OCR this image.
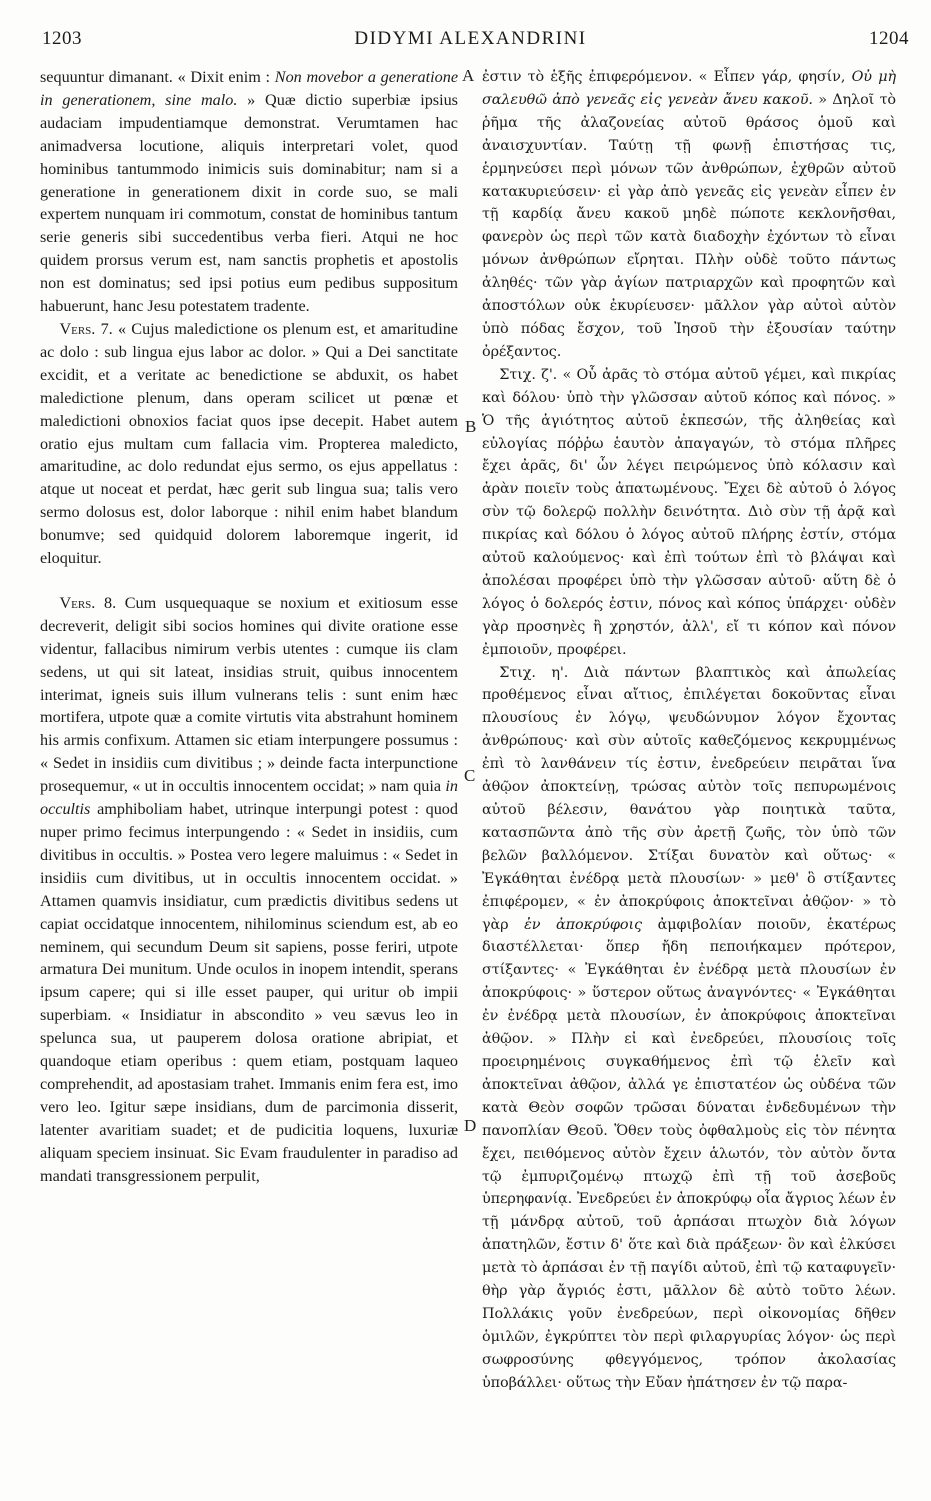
1203	DIDYMI ALEXANDRINI	1204
A
B
C
D

sequuntur dimanant. « Dixit enim : Non movebor a generatione in generationem, sine malo. » Quæ dictio superbiæ ipsius audaciam impudentiamque demonstrat. Verumtamen hac animadversa locutione, aliquis interpretari volet, quod hominibus tantummodo inimicis suis dominabitur; nam si a generatione in generationem dixit in corde suo, se mali expertem nunquam iri commotum, constat de hominibus tantum serie generis sibi succedentibus verba fieri. Atqui ne hoc quidem prorsus verum est, nam sanctis prophetis et apostolis non est dominatus; sed ipsi potius eum pedibus suppositum habuerunt, hanc Jesu potestatem tradente.

Vers. 7. « Cujus maledictione os plenum est, et amaritudine ac dolo : sub lingua ejus labor ac dolor. » Qui a Dei sanctitate excidit, et a veritate ac benedictione se abduxit, os habet maledictione plenum, dans operam scilicet ut pœnæ et maledictioni obnoxios faciat quos ipse decepit. Habet autem oratio ejus multam cum fallacia vim. Propterea maledicto, amaritudine, ac dolo redundat ejus sermo, os ejus appellatus : atque ut noceat et perdat, hæc gerit sub lingua sua; talis vero sermo dolosus est, dolor laborque : nihil enim habet blandum bonumve; sed quidquid dolorem laboremque ingerit, id eloquitur.

Vers. 8. Cum usquequaque se noxium et exitiosum esse decreverit, deligit sibi socios homines qui divite oratione esse videntur, fallacibus nimirum verbis utentes : cumque iis clam sedens, ut qui sit lateat, insidias struit, quibus innocentem interimat, igneis suis illum vulnerans telis : sunt enim hæc mortifera, utpote quæ a comite virtutis vita abstrahunt hominem his armis confixum. Attamen sic etiam interpungere possumus : « Sedet in insidiis cum divitibus ; » deinde facta interpunctione prosequemur, « ut in occultis innocentem occidat; » nam quia in occultis amphiboliam habet, utrinque interpungi potest : quod nuper primo fecimus interpungendo : « Sedet in insidiis, cum divitibus in occultis. » Postea vero legere maluimus : « Sedet in insidiis cum divitibus, ut in occultis innocentem occidat. » Attamen quamvis insidiatur, cum prædictis divitibus sedens ut capiat occidatque innocentem, nihilominus sciendum est, ab eo neminem, qui secundum Deum sit sapiens, posse feriri, utpote armatura Dei munitum. Unde oculos in inopem intendit, sperans ipsum capere; qui si ille esset pauper, qui uritur ob impii superbiam. « Insidiatur in abscondito » veu sævus leo in spelunca sua, ut pauperem dolosa oratione abripiat, et quandoque etiam operibus : quem etiam, postquam laqueo comprehendit, ad apostasiam trahet. Immanis enim fera est, imo vero leo. Igitur sæpe insidians, dum de parcimonia disserit, latenter avaritiam suadet; et de pudicitia loquens, luxuriæ aliquam speciem insinuat. Sic Evam fraudulenter in paradiso ad mandati transgressionem perpulit,

ἐστιν τὸ ἑξῆς ἐπιφερόμενον. « Εἶπεν γάρ, φησίν, Οὐ μὴ σαλευθῶ ἀπὸ γενεᾶς εἰς γενεὰν ἄνευ κακοῦ. » Δηλοῖ τὸ ῥῆμα τῆς ἀλαζονείας αὐτοῦ θράσος ὁμοῦ καὶ ἀναισχυντίαν. Ταύτῃ τῇ φωνῇ ἐπιστήσας τις, ἑρμηνεύσει περὶ μόνων τῶν ἀνθρώπων, ἐχθρῶν αὐτοῦ κατακυριεύσειν· εἰ γὰρ ἀπὸ γενεᾶς εἰς γενεὰν εἶπεν ἐν τῇ καρδίᾳ ἄνευ κακοῦ μηδὲ πώποτε κεκλονῆσθαι, φανερὸν ὡς περὶ τῶν κατὰ διαδοχὴν ἐχόντων τὸ εἶναι μόνων ἀνθρώπων εἴρηται. Πλὴν οὐδὲ τοῦτο πάντως ἀληθές· τῶν γὰρ ἁγίων πατριαρχῶν καὶ προφητῶν καὶ ἀποστόλων οὐκ ἐκυρίευσεν· μᾶλλον γὰρ αὐτοὶ αὐτὸν ὑπὸ πόδας ἔσχον, τοῦ Ἰησοῦ τὴν ἐξουσίαν ταύτην ὀρέξαντος.

Στιχ. ζ'. « Οὗ ἀρᾶς τὸ στόμα αὐτοῦ γέμει, καὶ πικρίας καὶ δόλου· ὑπὸ τὴν γλῶσσαν αὐτοῦ κόπος καὶ πόνος. » Ὁ τῆς ἁγιότητος αὐτοῦ ἐκπεσών, τῆς ἀληθείας καὶ εὐλογίας πόῤῥω ἑαυτὸν ἀπαγαγών, τὸ στόμα πλῆρες ἔχει ἀρᾶς, δι' ὧν λέγει πειρώμενος ὑπὸ κόλασιν καὶ ἀρὰν ποιεῖν τοὺς ἀπατωμένους. Ἔχει δὲ αὐτοῦ ὁ λόγος σὺν τῷ δολερῷ πολλὴν δεινότητα. Διὸ σὺν τῇ ἀρᾷ καὶ πικρίας καὶ δόλου ὁ λόγος αὐτοῦ πλήρης ἐστίν, στόμα αὐτοῦ καλούμενος· καὶ ἐπὶ τούτων ἐπὶ τὸ βλάψαι καὶ ἀπολέσαι προφέρει ὑπὸ τὴν γλῶσσαν αὐτοῦ· αὕτη δὲ ὁ λόγος ὁ δολερός ἐστιν, πόνος καὶ κόπος ὑπάρχει· οὐδὲν γὰρ προσηνὲς ἢ χρηστόν, ἀλλ', εἴ τι κόπον καὶ πόνον ἐμποιοῦν, προφέρει.

Στιχ. η'. Διὰ πάντων βλαπτικὸς καὶ ἀπωλείας προθέμενος εἶναι αἴτιος, ἐπιλέγεται δοκοῦντας εἶναι πλουσίους ἐν λόγῳ, ψευδώνυμον λόγον ἔχοντας ἀνθρώπους· καὶ σὺν αὐτοῖς καθεζόμενος κεκρυμμένως ἐπὶ τὸ λανθάνειν τίς ἐστιν, ἐνεδρεύειν πειρᾶται ἵνα ἀθῷον ἀποκτείνῃ, τρώσας αὐτὸν τοῖς πεπυρωμένοις αὐτοῦ βέλεσιν, θανάτου γὰρ ποιητικὰ ταῦτα, κατασπῶντα ἀπὸ τῆς σὺν ἀρετῇ ζωῆς, τὸν ὑπὸ τῶν βελῶν βαλλόμενον. Στίξαι δυνατὸν καὶ οὕτως· « Ἐγκάθηται ἐνέδρᾳ μετὰ πλουσίων· » μεθ' ὃ στίξαντες ἐπιφέρομεν, « ἐν ἀποκρύφοις ἀποκτεῖναι ἀθῷον· » τὸ γὰρ ἐν ἀποκρύφοις ἀμφιβολίαν ποιοῦν, ἑκατέρως διαστέλλεται· ὅπερ ἤδη πεποιήκαμεν πρότερον, στίξαντες· « Ἐγκάθηται ἐν ἐνέδρᾳ μετὰ πλουσίων ἐν ἀποκρύφοις· » ὕστερον οὕτως ἀναγνόντες· « Ἐγκάθηται ἐν ἐνέδρᾳ μετὰ πλουσίων, ἐν ἀποκρύφοις ἀποκτεῖναι ἀθῷον. » Πλὴν εἰ καὶ ἐνεδρεύει, πλουσίοις τοῖς προειρημένοις συγκαθήμενος ἐπὶ τῷ ἑλεῖν καὶ ἀποκτεῖναι ἀθῷον, ἀλλά γε ἐπιστατέον ὡς οὐδένα τῶν κατὰ Θεὸν σοφῶν τρῶσαι δύναται ἐνδεδυμένων τὴν πανοπλίαν Θεοῦ. Ὅθεν τοὺς ὀφθαλμοὺς εἰς τὸν πένητα ἔχει, πειθόμενος αὐτὸν ἔχειν ἁλωτόν, τὸν αὐτὸν ὄντα τῷ ἐμπυριζομένῳ πτωχῷ ἐπὶ τῇ τοῦ ἀσεβοῦς ὑπερηφανίᾳ. Ἐνεδρεύει ἐν ἀποκρύφῳ οἷα ἄγριος λέων ἐν τῇ μάνδρᾳ αὐτοῦ, τοῦ ἁρπάσαι πτωχὸν διὰ λόγων ἀπατηλῶν, ἔστιν δ' ὅτε καὶ διὰ πράξεων· ὃν καὶ ἑλκύσει μετὰ τὸ ἁρπάσαι ἐν τῇ παγίδι αὐτοῦ, ἐπὶ τῷ καταφυγεῖν· θὴρ γὰρ ἄγριός ἐστι, μᾶλλον δὲ αὐτὸ τοῦτο λέων. Πολλάκις γοῦν ἐνεδρεύων, περὶ οἰκονομίας δῆθεν ὁμιλῶν, ἐγκρύπτει τὸν περὶ φιλαργυρίας λόγον· ὡς περὶ σωφροσύνης φθεγγόμενος, τρόπον ἀκολασίας ὑποβάλλει· οὕτως τὴν Εὔαν ἠπάτησεν ἐν τῷ παρα-
